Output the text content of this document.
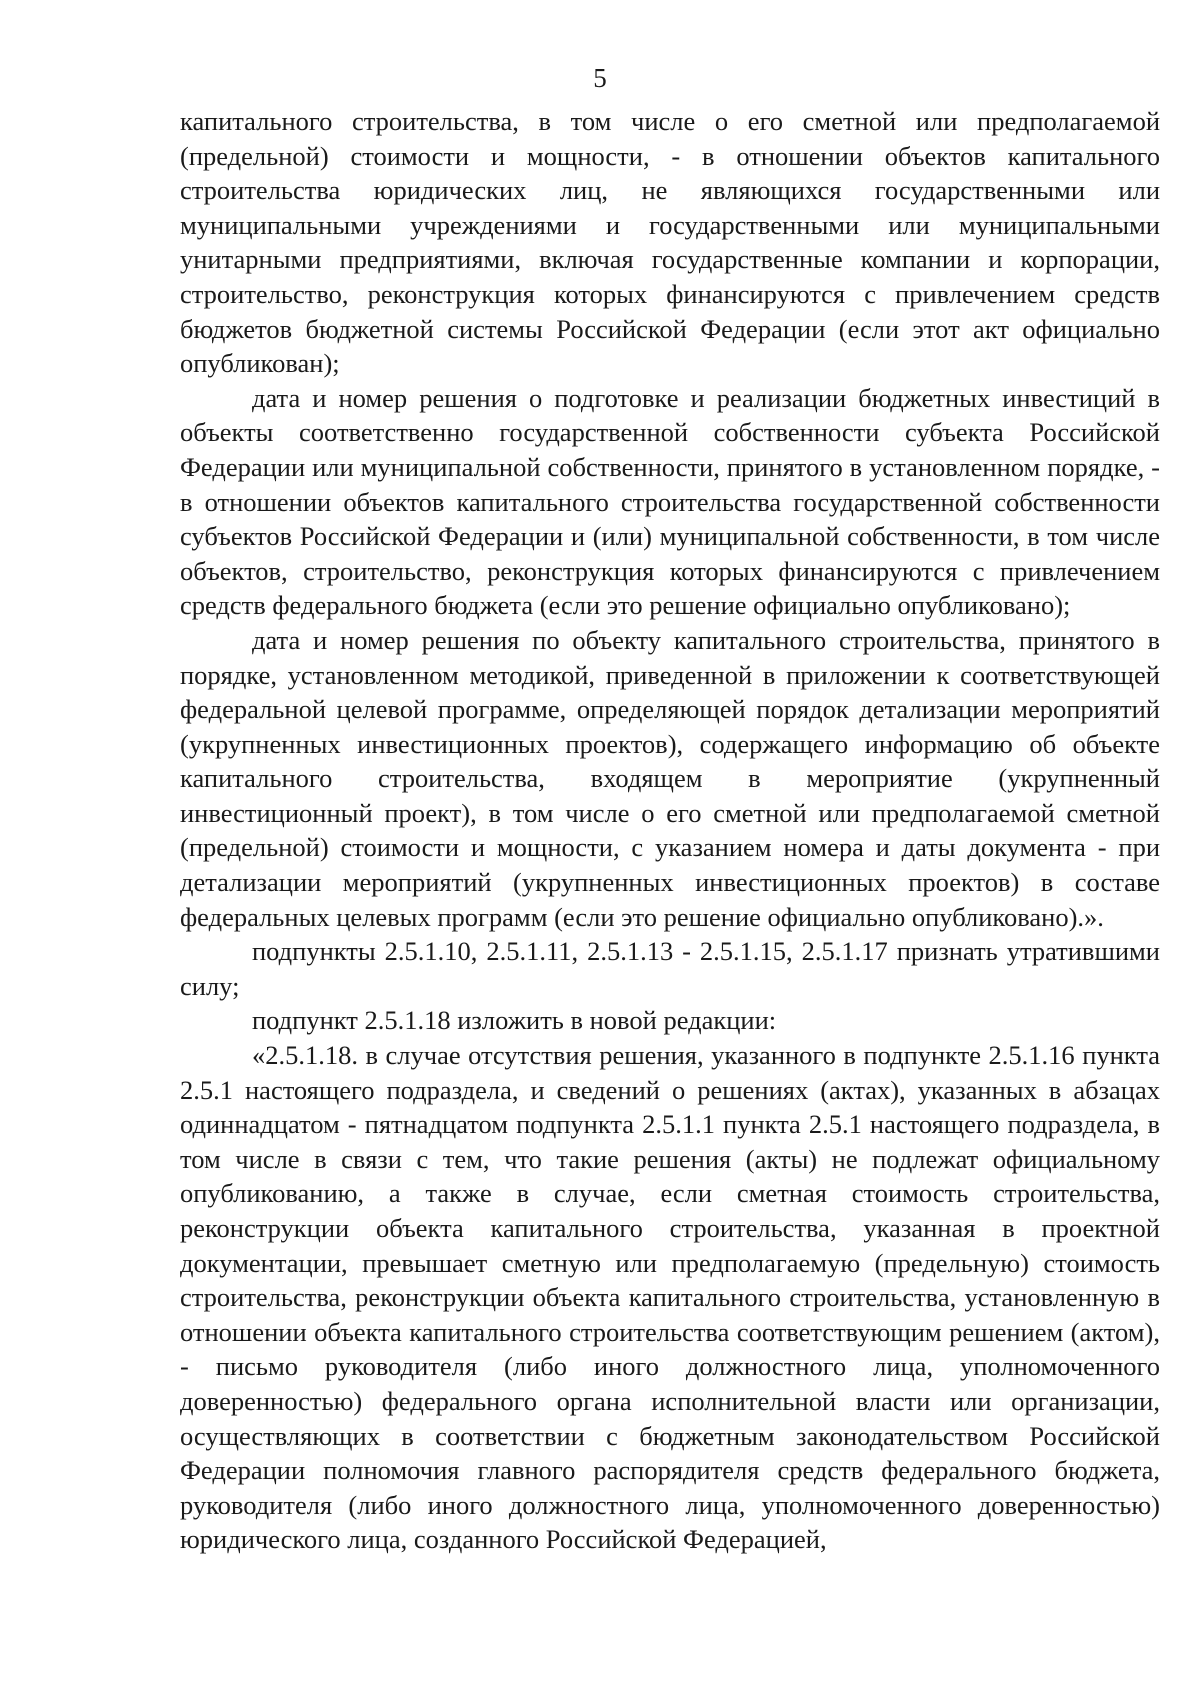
5

капитального строительства, в том числе о его сметной или предполагаемой (предельной) стоимости и мощности, - в отношении объектов капитального строительства юридических лиц, не являющихся государственными или муниципальными учреждениями и государственными или муниципальными унитарными предприятиями, включая государственные компании и корпорации, строительство, реконструкция которых финансируются с привлечением средств бюджетов бюджетной системы Российской Федерации (если этот акт официально опубликован);

дата и номер решения о подготовке и реализации бюджетных инвестиций в объекты соответственно государственной собственности субъекта Российской Федерации или муниципальной собственности, принятого в установленном порядке, - в отношении объектов капитального строительства государственной собственности субъектов Российской Федерации и (или) муниципальной собственности, в том числе объектов, строительство, реконструкция которых финансируются с привлечением средств федерального бюджета (если это решение официально опубликовано);

дата и номер решения по объекту капитального строительства, принятого в порядке, установленном методикой, приведенной в приложении к соответствующей федеральной целевой программе, определяющей порядок детализации мероприятий (укрупненных инвестиционных проектов), содержащего информацию об объекте капитального строительства, входящем в мероприятие (укрупненный инвестиционный проект), в том числе о его сметной или предполагаемой сметной (предельной) стоимости и мощности, с указанием номера и даты документа - при детализации мероприятий (укрупненных инвестиционных проектов) в составе федеральных целевых программ (если это решение официально опубликовано).».

подпункты 2.5.1.10, 2.5.1.11, 2.5.1.13 - 2.5.1.15, 2.5.1.17 признать утратившими силу;

подпункт 2.5.1.18 изложить в новой редакции:

«2.5.1.18. в случае отсутствия решения, указанного в подпункте 2.5.1.16 пункта 2.5.1 настоящего подраздела, и сведений о решениях (актах), указанных в абзацах одиннадцатом - пятнадцатом подпункта 2.5.1.1 пункта 2.5.1 настоящего подраздела, в том числе в связи с тем, что такие решения (акты) не подлежат официальному опубликованию, а также в случае, если сметная стоимость строительства, реконструкции объекта капитального строительства, указанная в проектной документации, превышает сметную или предполагаемую (предельную) стоимость строительства, реконструкции объекта капитального строительства, установленную в отношении объекта капитального строительства соответствующим решением (актом), - письмо руководителя (либо иного должностного лица, уполномоченного доверенностью) федерального органа исполнительной власти или организации, осуществляющих в соответствии с бюджетным законодательством Российской Федерации полномочия главного распорядителя средств федерального бюджета, руководителя (либо иного должностного лица, уполномоченного доверенностью) юридического лица, созданного Российской Федерацией,
